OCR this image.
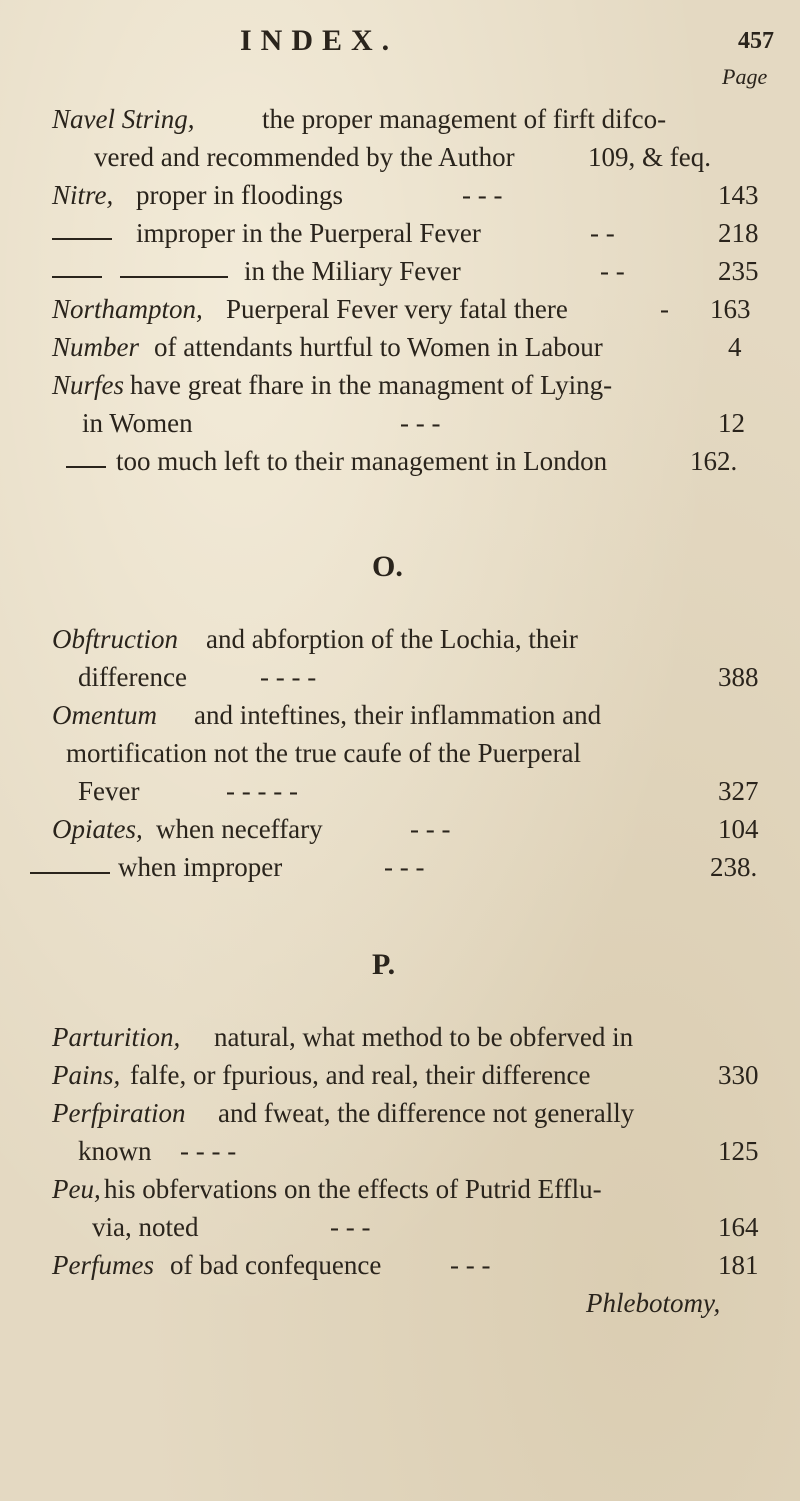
INDEX.	457
Page
Navel String,	the proper management of firft difco-
vered and recommended by the Author	109, & feq.
Nitre, proper in floodings	- - -	143
improper in the Puerperal Fever	- -	218
in the Miliary Fever	- -	235
Northampton, Puerperal Fever very fatal there	- 163
Number of attendants hurtful to Women in Labour	4
Nurfes have great fhare in the managment of Lying-
in Women	- - -	12
too much left to their management in London	162.
O.
Obftruction and abforption of the Lochia, their
difference	- - - -	388
Omentum and inteftines, their inflammation and
mortification not the true caufe of the Puerperal
Fever	- - - - -	327
Opiates, when neceffary	- - -	104
when improper	- - -	238.
P.
Parturition, natural, what method to be obferved in
Pains, falfe, or fpurious, and real, their difference	330
Perfpiration and fweat, the difference not generally
known - - - -	125
Peu, his obfervations on the effects of Putrid Efflu-
via, noted	- - -	164
Perfumes of bad confequence	- - -	181
Phlebotomy,
